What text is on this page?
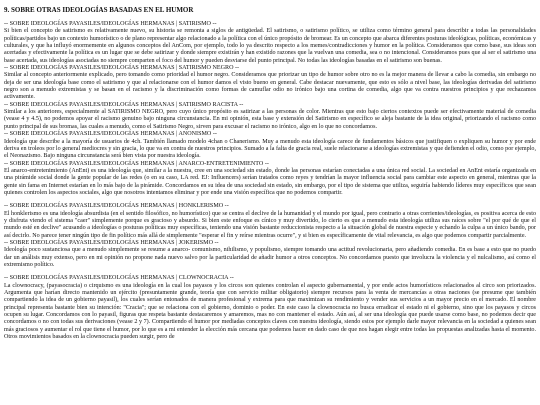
9. SOBRE OTRAS IDEOLOGÍAS BASADAS EN EL HUMOR
-- SOBRE IDEOLOGÍAS PAYASILES/IDEOLOGÍAS HERMANAS | SATIRISMO --
Si bien el concepto de satirismo es relativamente nuevo, su historia se remonta a siglos de antigüedad. El satirismo, o satirismo político, se utiliza como término general para describir a todas las personalidades políticas/partidos bajo un contexto humorístico o de plano representar algo relacionado a la política con el único propósito de bromear. Es un concepto que abarca diferentes posturas ideológicas, políticas, económicas y culturales, y que ha influyó enormemente en algunos conceptos del AnCom, por ejemplo, todo lo ya descrito respecto a los memes/contradicciones y humor en la política. Consideramos que como base, sus ideas son acertadas y efectivamente la política es un lugar que se debe satirizar y donde siempre existirán y han existido razones que la vuelvan una comedia, sea o no intencional. Consideramos pues que al ser el satirismo una base acertada, sus ideologías asociadas no siempre comparten el foco del humor y pueden desviarse del punto principal. No todas las ideologías basadas en el satirismo son buenas.
-- SOBRE IDEOLOGÍAS PAYASILES/IDEOLOGÍAS HERMANAS | SATIRISMO NEGRO --
Similar al concepto anteriormente explicado, pero tomando como prioridad el humor negro. Consideramos que priorizar un tipo de humor sobre otro no es la mejor manera de llevar a cabo la comedia, sin embargo no deja de ser una ideología base como el satirismo y que al relacionarse con el humor damos el visto bueno en general. Cabe destacar nuevamente, que esto es sólo a nivel base, las ideologías derivadas del satirismo negro son a menudo extremistas y se basan en el racismo y la discriminación como formas de camuflar odio no irónico bajo una cortina de comedia, algo que va contra nuestros principios y que rechazamos activamente.
-- SOBRE IDEOLOGÍAS PAYASILES/IDEOLOGÍAS HERMANAS | SATIRISMO RACISTA --
Similar a los anteriores, especialmente al SATIRISMO NEGRO, pero cuyo único propósito es satirizar a las personas de color. Mientras que esto bajo ciertos contextos puede ser efectivamente material de comedia (vease 4 y 4.5), no podemos apoyar el racismo genuino bajo ninguna circunstancia. En mi opinión, esta base y extensión del Satirismo en específico se aleja bastante de la idea original, priorizando el racismo como punto principal de sus bromas, las cuales a menudo, como el Satirismo Negro, sirven para excusar el racismo no irónico, algo en lo que no concordamos.
-- SOBRE IDEOLOGÍAS PAYASILES/IDEOLOGÍAS HERMANAS | ANONISMO --
Ideología que describe a la mayoría de usuarios de 4ch. También llamado modelo 4chan o Chanerismo. Muy a menudo esta ideología carece de fundamentos básicos que justifiquen o expliquen su humor y por ende deriva en troleos por lo general mediocres y sin gracia, lo que va en contra de nuestros principios. Sumado a la falta de gracia real, suele relacionarse a ideologías extremistas y que defienden el odio, como por ejemplo, el Neonazismo. Bajo ninguna circunstancia será bien vista por nuestra ideología.
-- SOBRE IDEOLOGÍAS PAYASILES/IDEOLOGÍAS HERMANAS | ANARCO-ENTRETENIMIENTO --
El anarco-entretenimiento (AnEnt) es una ideología que, similar a la nuestra, cree en una sociedad sin estado, donde las personas estarían conectadas a una única red social. La sociedad en AnEnt estaría organizada en una pirámide social donde la gente popular de las redes (o en su caso, LA red. EJ: Influencers) serían tratados como reyes y tendrían la mayor influencia social para cambiar este aspecto en general, mientras que la gente sin fama en Internet estarían en lo más bajo de la pirámide. Concordamos en su idea de una sociedad sin estado, sin embargo, por el tipo de sistema que utiliza, seguiría habiendo líderes muy específicos que sean quienes controlen los aspectos sociales, algo que nosotros intentamos eliminar y por ende una visión específica que no podemos compartir.
-- SOBRE IDEOLOGÍAS PAYASILES/IDEOLOGÍAS HERMANAS | HONKLERISMO --
El honklerismo es una ideología absurdista (en el sentido filosófico, no humorístico) que se centra el declive de la humanidad y el mundo por igual, pero contrario a otras corrientes/ideologías, es positiva acerca de esto y disfruta viendo el sistema "caer" simplemente porque es gracioso y absurdo. Si bien este enfoque es cínico y muy divertido, lo cierto es que a menudo esta ideología utiliza sus raíces sobre "el por qué de que el mundo esté en declive" acusando a ideologías o posturas políticas muy específicas, teniendo una visión bastante reduccionista respecto a la situación global de nuestra especie y echando la culpa a un único bando, por así decirlo. No parece tener ningún tipo de fin político más allá de simplemente "esperar el fin y reírse mientras ocurre", y si bien es específicamente de vital relevancia, es algo que podemos compartir parcialmente.
-- SOBRE IDEOLOGÍAS PAYASILES/IDEOLOGÍAS HERMANAS | JOKERISMO --
Ideología poco sustanciosa que a menudo simplemente se resume a anarco- comunismo, nihilismo, y populismo, siempre tomando una actitud revolucionaria, pero añadiendo comedia. En es base a esto que no puedo dar un análisis muy extenso, pero en mi opinión no propone nada nuevo salvo por la particularidad de añadir humor a otros conceptos. No concordamos puesto que involucra la violencia y el nulcalismo, así como el extremismo político.
-- SOBRE IDEOLOGÍAS PAYASILES/IDEOLOGÍAS HERMANAS | CLOWNOCRACIA --
La clownocracy, (payasocracia) o cirquismo es una ideología en la cual los payasos y los circos son quienes controlan el aspecto gubernamental, y por ende actos humorísticos relacionados al circo son priorizados. Argumenta que harían directo mantenido un ejército (presuntamente grande, teoría que con servicio militar obligatorio) siempre recursos para la venta de mercancías a otras naciones (se presume que también compartiendo la idea de un gobierno payasil), los cuales serían entonados de manera profesional y extrema para que maximizan su rendimiento y vender sus servicios a un mayor precio en el mercado. El nombre principal representa bastante bien su intención: "Cracia"; que se relaciona con el gobierno, dominio o poder. En este caso la clownocracia no busca erradicar el estado ni el gobierno, sino que los payasos y circos ocupen su lugar. Concordamos con lo payasil, figuras que respeta bastante destacaremos y amaremos, mas no con mantener el estado. Aún así, al ser una ideología que puede usarse como base, no podemos decir que concordamos o no con todas sus derivaciones (vease 2 y 7). Compartiendo el humor por mediadas conceptos claves con nuestra ideología, siendo estos por ejemplo darle mayor relevancia en la sociedad a quienes sean más graciosos y aumentar el rol que tiene el humor, por lo que es a mi entender la elección más cercana que podemos hacer en dado caso de que nos hagan elegir entre todas las propuestas analizadas hasta el momento. Otros movimientos basados en la clownocracia pueden surgir, pero de
